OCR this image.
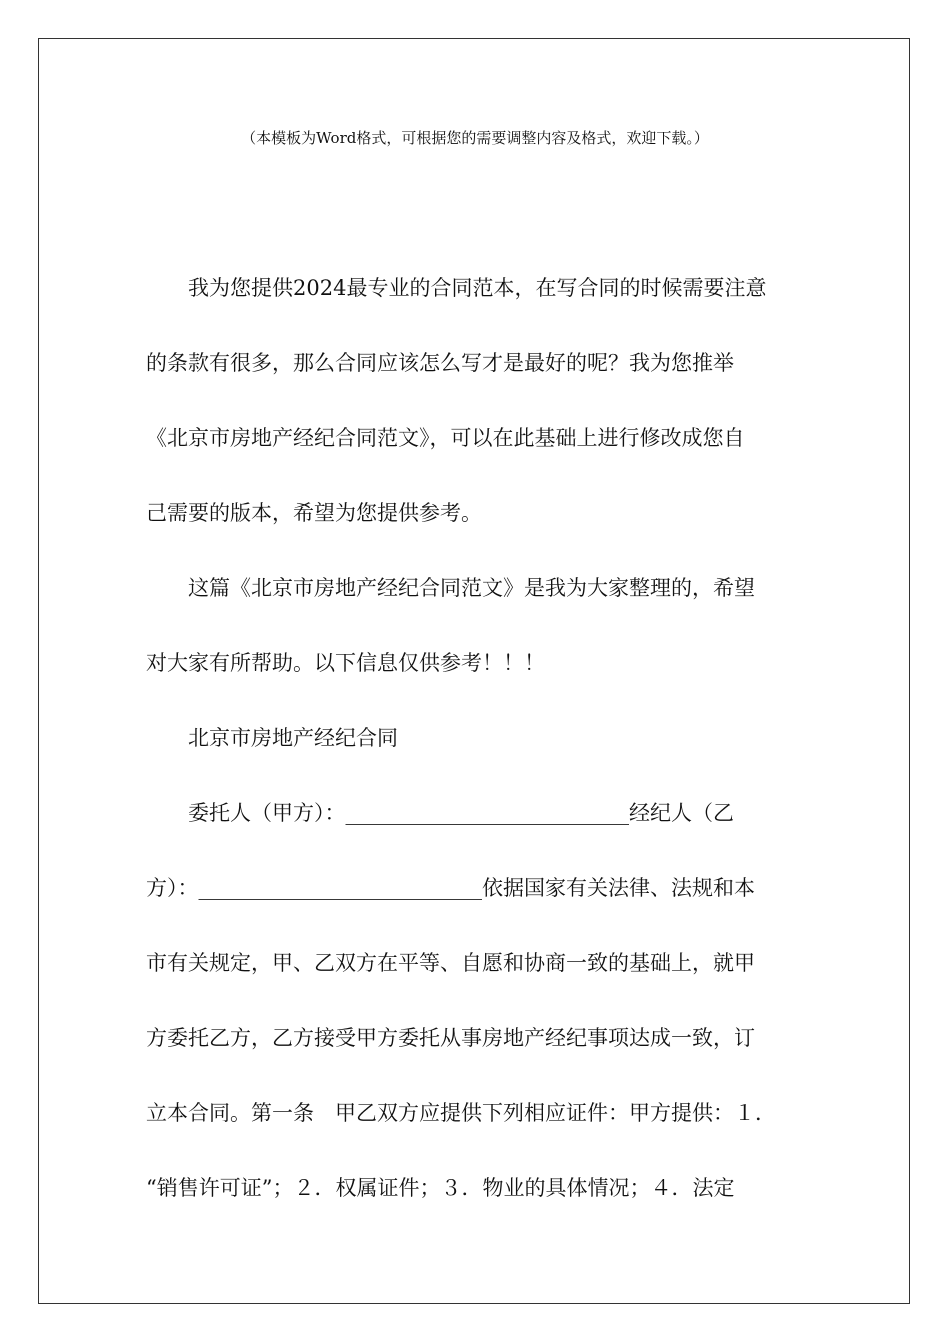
（本模板为Word格式，可根据您的需要调整内容及格式，欢迎下载。）
我为您提供2024最专业的合同范本，在写合同的时候需要注意
的条款有很多，那么合同应该怎么写才是最好的呢？我为您推举
《北京市房地产经纪合同范文》，可以在此基础上进行修改成您自
己需要的版本，希望为您提供参考。
这篇《北京市房地产经纪合同范文》是我为大家整理的，希望
对大家有所帮助。以下信息仅供参考！！！
北京市房地产经纪合同
委托人（甲方）：___________________________经纪人（乙
方）：___________________________依据国家有关法律、法规和本
市有关规定，甲、乙双方在平等、自愿和协商一致的基础上，就甲
方委托乙方，乙方接受甲方委托从事房地产经纪事项达成一致，订
立本合同。第一条　甲乙双方应提供下列相应证件：甲方提供：１．
“销售许可证”；２．权属证件；３．物业的具体情况；４．法定
